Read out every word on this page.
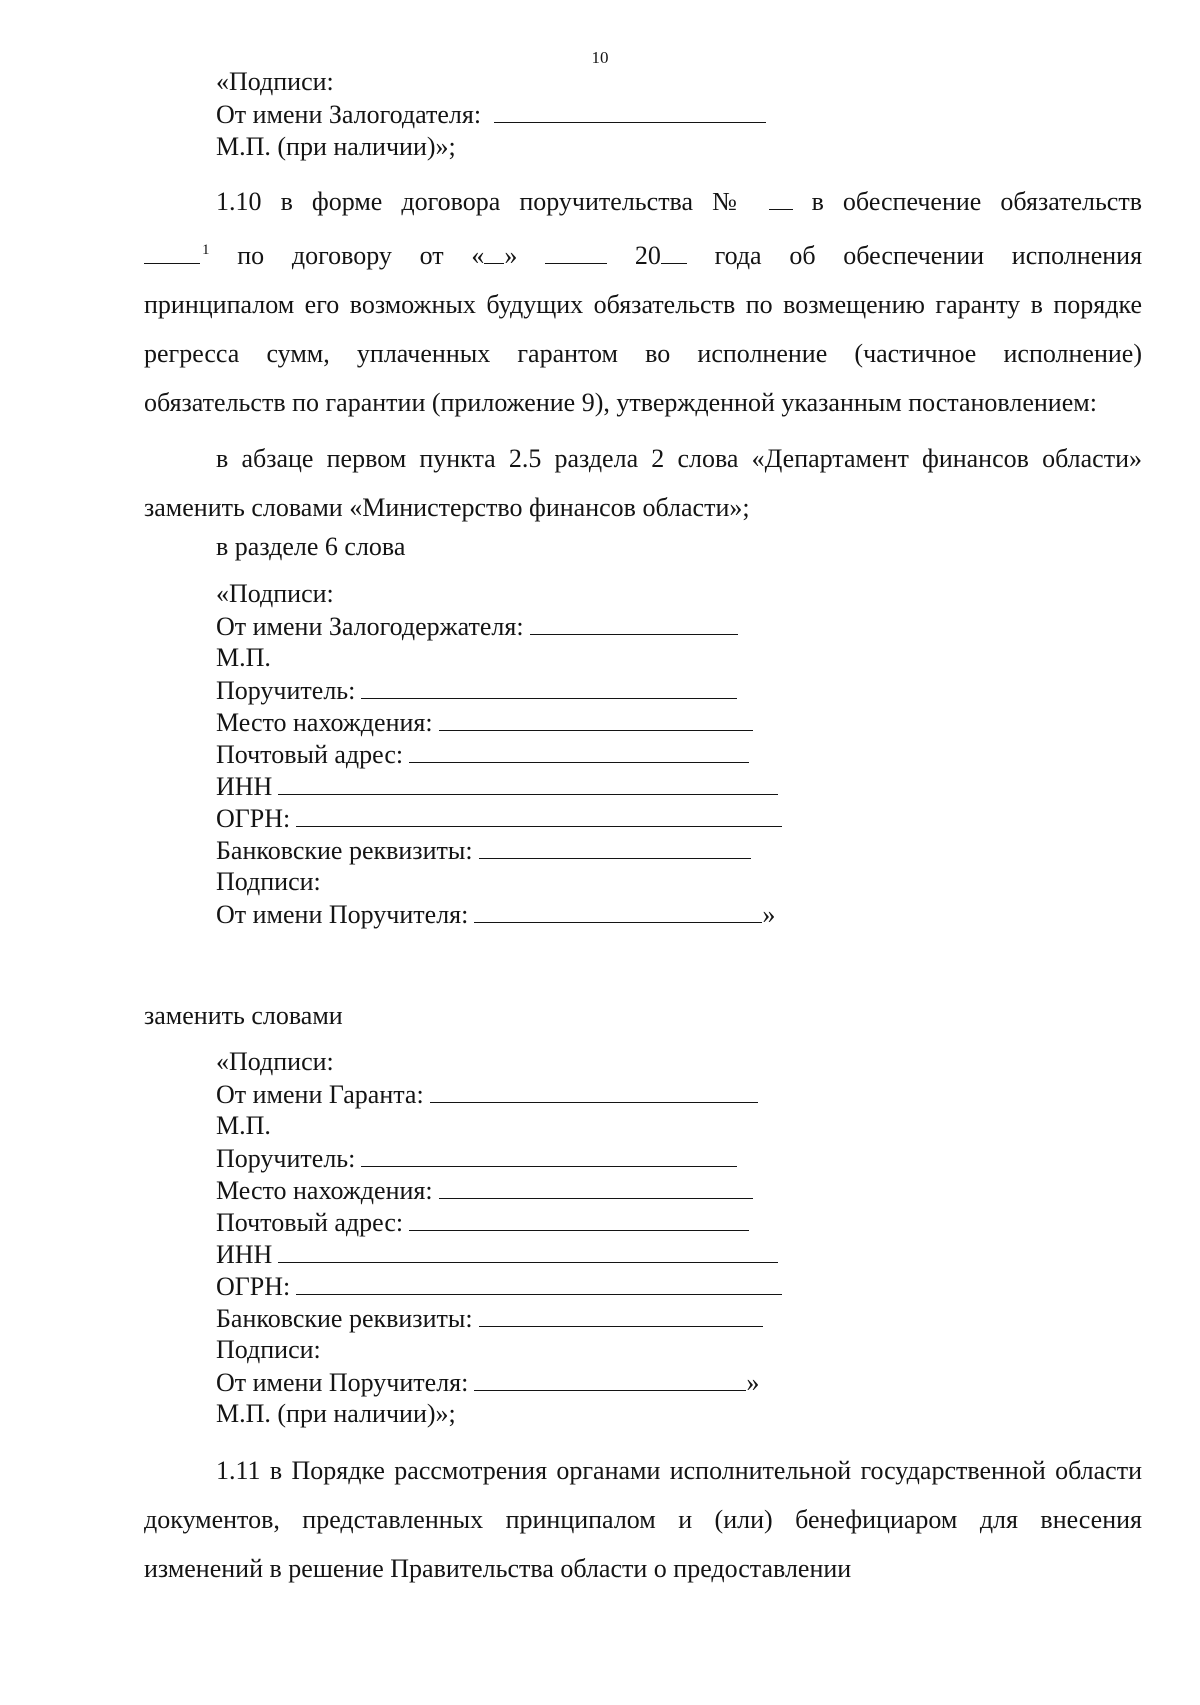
10
«Подписи:
От имени Залогодателя:
М.П. (при наличии)»;
1.10 в форме договора поручительства № в обеспечение обязательств
$^1$ по договору от « »	20 года об обеспечении исполнения
принципалом его возможных будущих обязательств по возмещению гаранту в порядке регресса сумм, уплаченных гарантом во исполнение (частичное исполнение) обязательств по гарантии (приложение 9), утвержденной указанным постановлением:

в абзаце первом пункта 2.5 раздела 2 слова «Департамент финансов области» заменить словами «Министерство финансов области»;

в разделе 6 слова

«Подписи:
От имени Залогодержателя:
М.П.
Поручитель:
Место нахождения:
Почтовый адрес:
ИНН
ОГРН:
Банковские реквизиты:
Подписи:
От имени Поручителя:	»

заменить словами

«Подписи:
От имени Гаранта:
М.П.
Поручитель:
Место нахождения:
Почтовый адрес:
ИНН
ОГРН:
Банковские реквизиты:
Подписи:
От имени Поручителя:	»
М.П. (при наличии)»;

1.11 в Порядке рассмотрения органами исполнительной государственной области документов, представленных принципалом и (или) бенефициаром для внесения изменений в решение Правительства области о предоставлении
